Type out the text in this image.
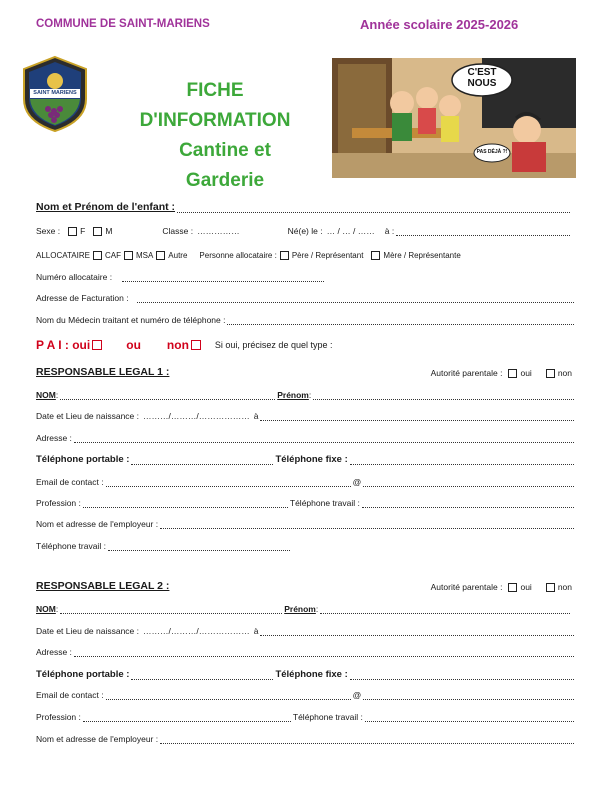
COMMUNE DE SAINT-MARIENS	Année scolaire 2025-2026
SAINT MARIENS	FICHE
D'INFORMATION
Cantine et Garderie
C'EST NOUS
PAS DÉJÀ ?!
Nom et Prénom de l'enfant :
Sexe : F M	Classe : ……………	Né(e) le : … / … / …… à :
ALLOCATAIRE CAF MSA Autre Personne allocataire : Père / Représentant	Mère / Représentante
Numéro allocataire :
Adresse de Facturation :
Nom du Médecin traitant et numéro de téléphone :
P A I : oui	ou non	Si oui, précisez de quel type :
RESPONSABLE LEGAL 1 :	Autorité parentale : oui	non
NOM :	Prénom :
Date et Lieu de naissance : ………/………/……………… à
Adresse :
Téléphone portable :	Téléphone fixe :
Email de contact :	@
Profession :	Téléphone travail :
Nom et adresse de l'employeur :
Téléphone travail :
RESPONSABLE LEGAL 2 :	Autorité parentale : oui	non
NOM :	Prénom :
Date et Lieu de naissance : ………/………/……………… à
Adresse :
Téléphone portable :	Téléphone fixe :
Email de contact :	@
Profession :	Téléphone travail :
Nom et adresse de l'employeur :
